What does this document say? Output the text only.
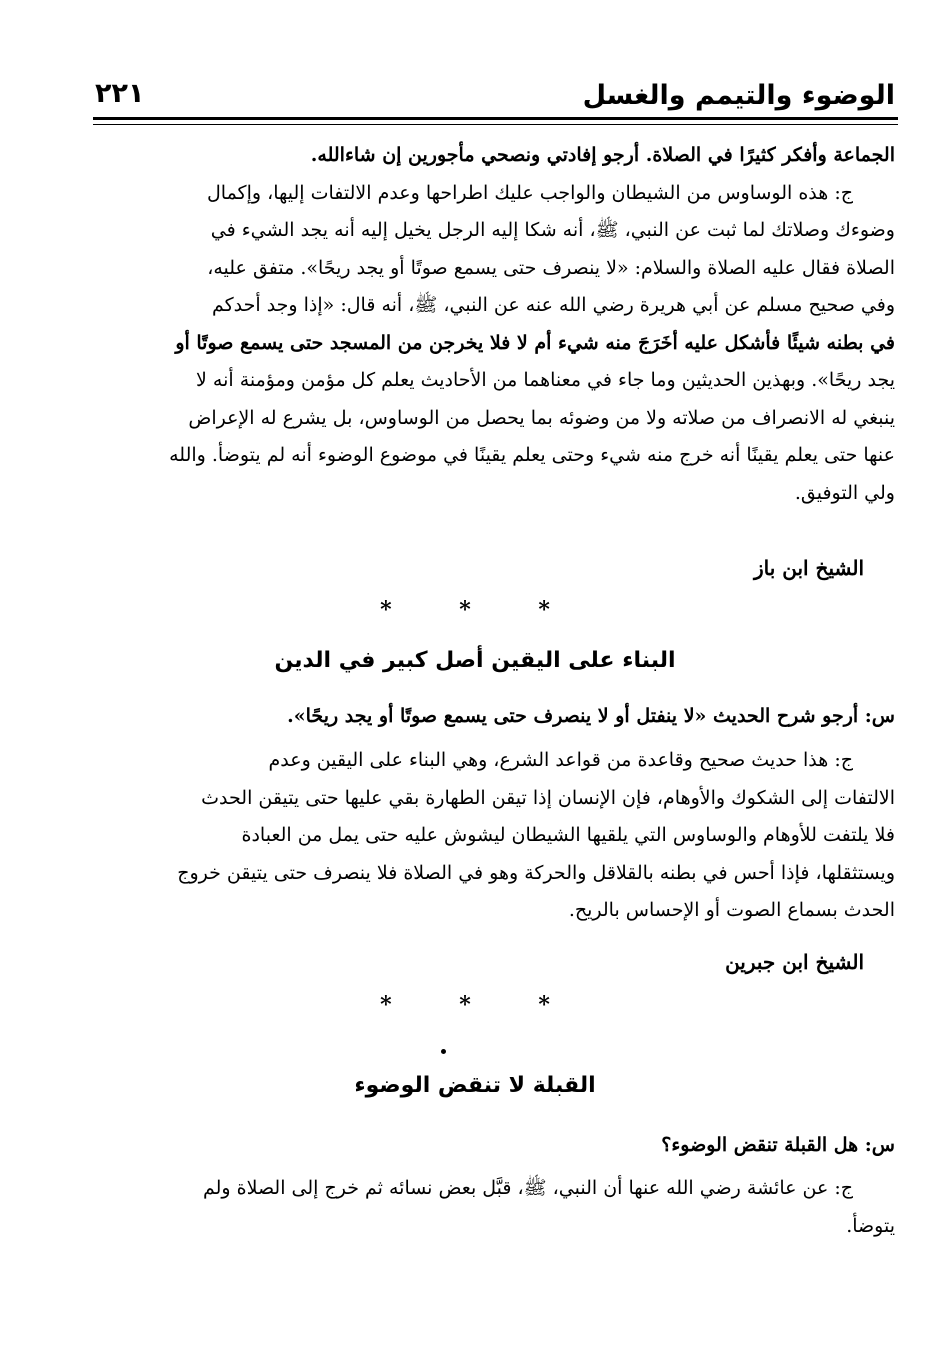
الوضوء والتيمم والغسل
٢٢١
الجماعة وأفكر كثيرًا في الصلاة. أرجو إفادتي ونصحي مأجورين إن شاءالله.
ج: هذه الوساوس من الشيطان والواجب عليك اطراحها وعدم الالتفات إليها، وإكمال
وضوءك وصلاتك لما ثبت عن النبي، ﷺ، أنه شكا إليه الرجل يخيل إليه أنه يجد الشيء في
الصلاة فقال عليه الصلاة والسلام: «لا ينصرف حتى يسمع صوتًا أو يجد ريحًا». متفق عليه،
وفي صحيح مسلم عن أبي هريرة رضي الله عنه عن النبي، ﷺ، أنه قال: «إذا وجد أحدكم
في بطنه شيئًا فأشكل عليه أخَرَجَ منه شيء أم لا فلا يخرجن من المسجد حتى يسمع صوتًا أو
يجد ريحًا». وبهذين الحديثين وما جاء في معناهما من الأحاديث يعلم كل مؤمن ومؤمنة أنه لا
ينبغي له الانصراف من صلاته ولا من وضوئه بما يحصل من الوساوس، بل يشرع له الإعراض
عنها حتى يعلم يقينًا أنه خرج منه شيء وحتى يعلم يقينًا في موضوع الوضوء أنه لم يتوضأ. والله
ولي التوفيق.
الشيخ ابن باز
* * *
البناء على اليقين أصل كبير في الدين
س: أرجو شرح الحديث «لا ينفتل أو لا ينصرف حتى يسمع صوتًا أو يجد ريحًا».
ج: هذا حديث صحيح وقاعدة من قواعد الشرع، وهي البناء على اليقين وعدم
الالتفات إلى الشكوك والأوهام، فإن الإنسان إذا تيقن الطهارة بقي عليها حتى يتيقن الحدث
فلا يلتفت للأوهام والوساوس التي يلقيها الشيطان ليشوش عليه حتى يمل من العبادة
ويستثقلها، فإذا أحس في بطنه بالقلاقل والحركة وهو في الصلاة فلا ينصرف حتى يتيقن خروج
الحدث بسماع الصوت أو الإحساس بالريح.
الشيخ ابن جبرين
* * *
القبلة لا تنقض الوضوء
س: هل القبلة تنقض الوضوء؟
ج: عن عائشة رضي الله عنها أن النبي، ﷺ، قبَّل بعض نسائه ثم خرج إلى الصلاة ولم
يتوضأ.
